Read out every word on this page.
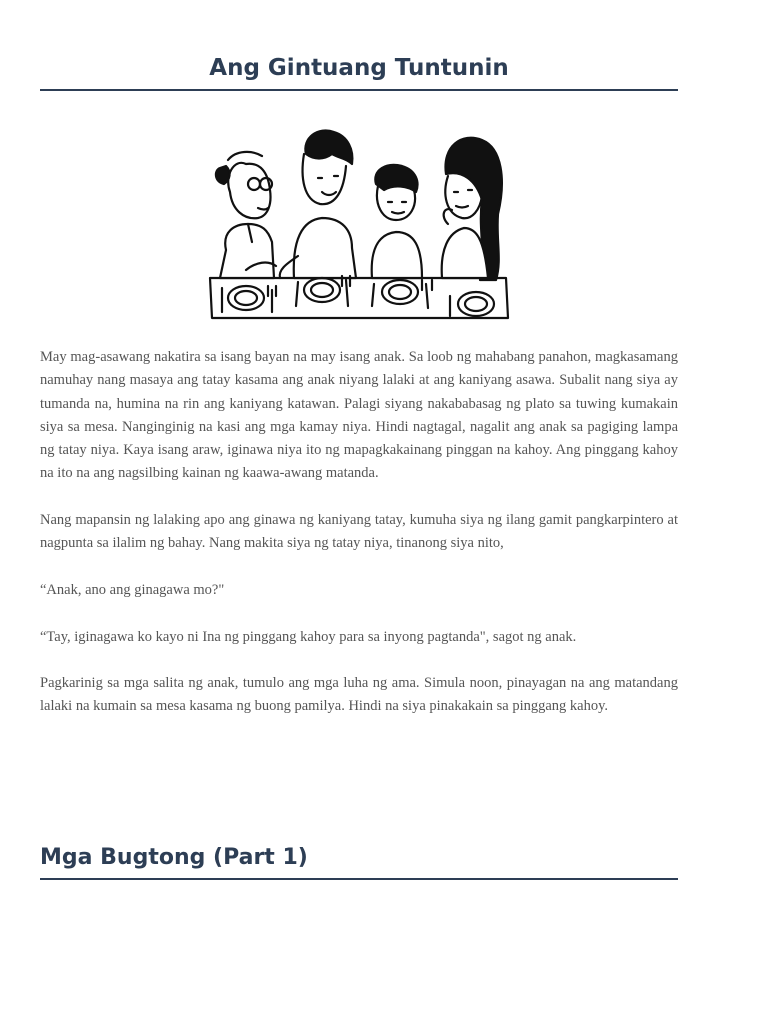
Ang Gintuang Tuntunin

May mag-asawang nakatira sa isang bayan na may isang anak. Sa loob ng mahabang panahon, magkasamang namuhay nang masaya ang tatay kasama ang anak niyang lalaki at ang kaniyang asawa. Subalit nang siya ay tumanda na, humina na rin ang kaniyang katawan. Palagi siyang nakababasag ng plato sa tuwing kumakain siya sa mesa. Nanginginig na kasi ang mga kamay niya. Hindi nagtagal, nagalit ang anak sa pagiging lampa ng tatay niya. Kaya isang araw, iginawa niya ito ng mapagkakainang pinggan na kahoy. Ang pinggang kahoy na ito na ang nagsilbing kainan ng kaawa-awang matanda.

Nang mapansin ng lalaking apo ang ginawa ng kaniyang tatay, kumuha siya ng ilang gamit pangkarpintero at nagpunta sa ilalim ng bahay. Nang makita siya ng tatay niya, tinanong siya nito,

“Anak, ano ang ginagawa mo?"

“Tay, iginagawa ko kayo ni Ina ng pinggang kahoy para sa inyong pagtanda", sagot ng anak.

Pagkarinig sa mga salita ng anak, tumulo ang mga luha ng ama. Simula noon, pinayagan na ang matandang lalaki na kumain sa mesa kasama ng buong pamilya. Hindi na siya pinakakain sa pinggang kahoy.

Mga Bugtong (Part 1)
